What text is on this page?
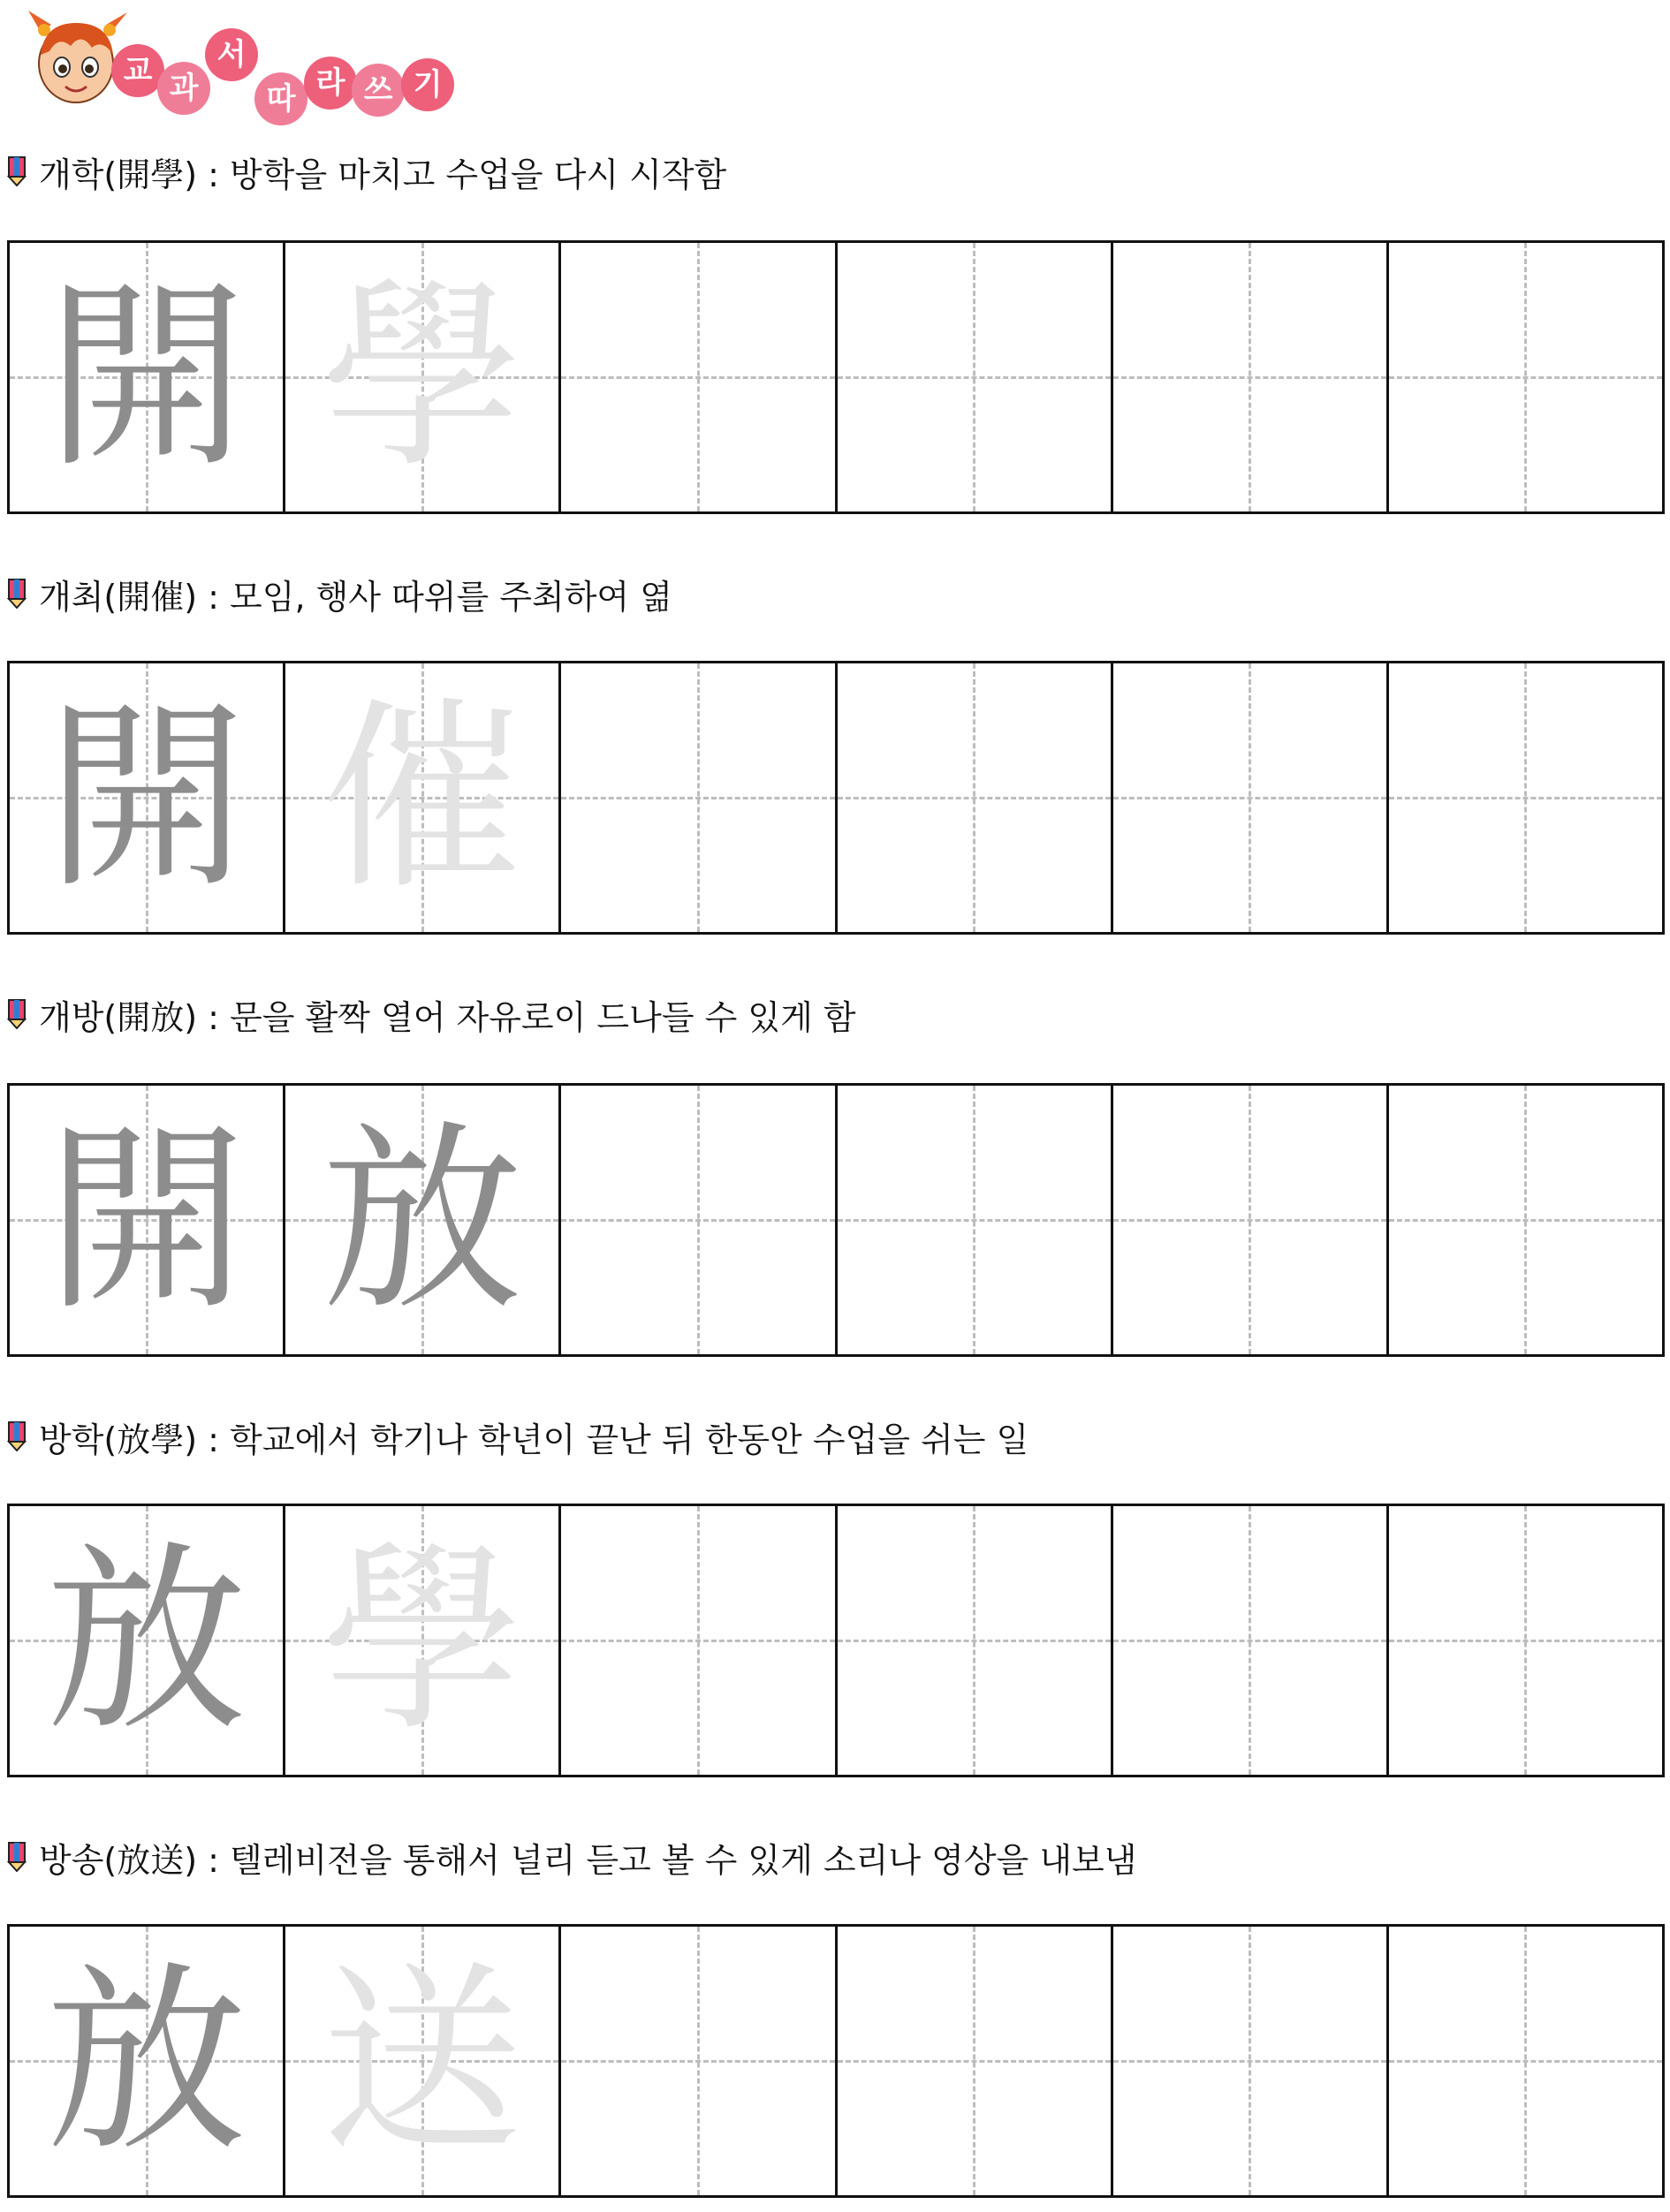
교 과
서
따 라 쓰 기
개학(開學) : 방학을 마치고 수업을 다시 시작함
開 學
개최(開催) : 모임, 행사 따위를 주최하여 엶
開 催
개방(開放) : 문을 활짝 열어 자유로이 드나들 수 있게 함
開 放
방학(放學) : 학교에서 학기나 학년이 끝난 뒤 한동안 수업을 쉬는 일
放 學
방송(放送) : 텔레비전을 통해서 널리 듣고 볼 수 있게 소리나 영상을 내보냄
放 送
